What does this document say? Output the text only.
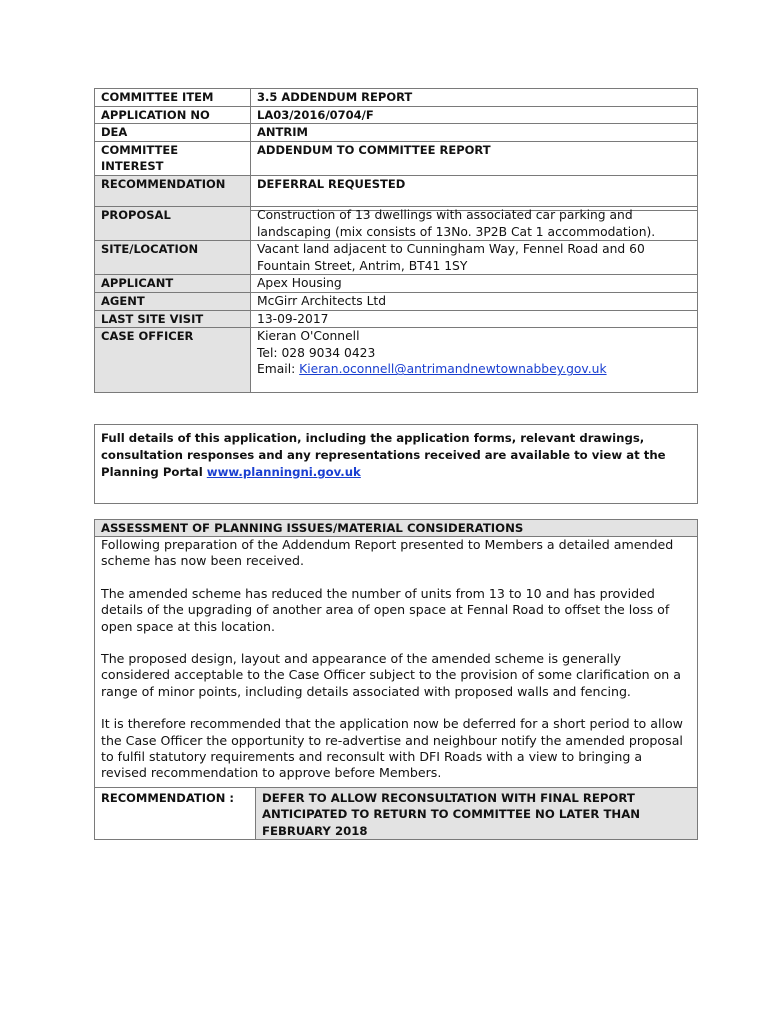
COMMITTEE ITEM	3.5 ADDENDUM REPORT
APPLICATION NO	LA03/2016/0704/F
DEA	ANTRIM
COMMITTEE INTEREST	ADDENDUM TO COMMITTEE REPORT
RECOMMENDATION	DEFERRAL REQUESTED
PROPOSAL	Construction of 13 dwellings with associated car parking and landscaping (mix consists of 13No. 3P2B Cat 1 accommodation).
SITE/LOCATION	Vacant land adjacent to Cunningham Way, Fennel Road and 60 Fountain Street, Antrim, BT41 1SY
APPLICANT	Apex Housing
AGENT	McGirr Architects Ltd
LAST SITE VISIT	13-09-2017
CASE OFFICER	Kieran O'Connell
Tel: 028 9034 0423
Email: Kieran.oconnell@antrimandnewtownabbey.gov.uk
Full details of this application, including the application forms, relevant drawings, consultation responses and any representations received are available to view at the Planning Portal www.planningni.gov.uk
ASSESSMENT OF PLANNING ISSUES/MATERIAL CONSIDERATIONS

Following preparation of the Addendum Report presented to Members a detailed amended scheme has now been received.

The amended scheme has reduced the number of units from 13 to 10 and has provided details of the upgrading of another area of open space at Fennal Road to offset the loss of open space at this location.

The proposed design, layout and appearance of the amended scheme is generally considered acceptable to the Case Officer subject to the provision of some clarification on a range of minor points, including details associated with proposed walls and fencing.

It is therefore recommended that the application now be deferred for a short period to allow the Case Officer the opportunity to re-advertise and neighbour notify the amended proposal to fulfil statutory requirements and reconsult with DFI Roads with a view to bringing a revised recommendation to approve before Members.

RECOMMENDATION :	DEFER TO ALLOW RECONSULTATION WITH FINAL REPORT ANTICIPATED TO RETURN TO COMMITTEE NO LATER THAN FEBRUARY 2018
